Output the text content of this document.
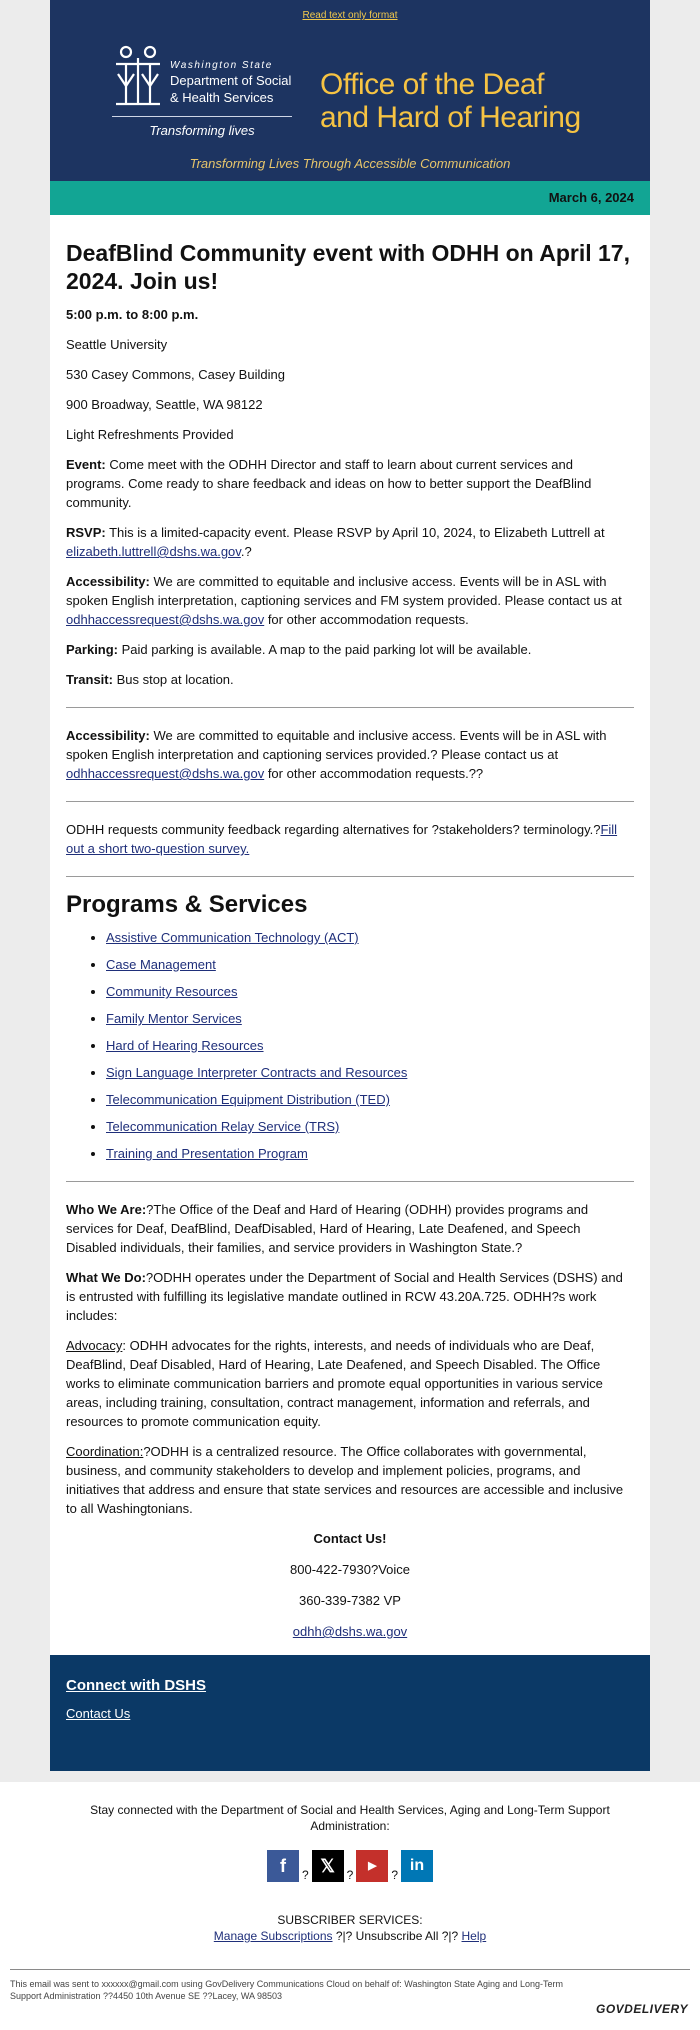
Read text only format
Washington State
Department of Social
& Health Services
Transforming lives
Office of the Deaf
and Hard of Hearing
Transforming Lives Through Accessible Communication
March 6, 2024
DeafBlind Community event with ODHH on April 17, 2024. Join us!

5:00 p.m. to 8:00 p.m.

Seattle University

530 Casey Commons, Casey Building

900 Broadway, Seattle, WA 98122

Light Refreshments Provided

Event: Come meet with the ODHH Director and staff to learn about current services and programs. Come ready to share feedback and ideas on how to better support the DeafBlind community.

RSVP: This is a limited-capacity event. Please RSVP by April 10, 2024, to Elizabeth Luttrell at elizabeth.luttrell@dshs.wa.gov.?

Accessibility: We are committed to equitable and inclusive access. Events will be in ASL with spoken English interpretation, captioning services and FM system provided. Please contact us at odhhaccessrequest@dshs.wa.gov for other accommodation requests.

Parking: Paid parking is available. A map to the paid parking lot will be available.

Transit: Bus stop at location.

Accessibility: We are committed to equitable and inclusive access. Events will be in ASL with spoken English interpretation and captioning services provided.? Please contact us at odhhaccessrequest@dshs.wa.gov for other accommodation requests.??

ODHH requests community feedback regarding alternatives for ?stakeholders? terminology.?Fill out a short two-question survey.

Programs & Services
• Assistive Communication Technology (ACT)
• Case Management
• Community Resources
• Family Mentor Services
• Hard of Hearing Resources
• Sign Language Interpreter Contracts and Resources
• Telecommunication Equipment Distribution (TED)
• Telecommunication Relay Service (TRS)
• Training and Presentation Program

Who We Are:?The Office of the Deaf and Hard of Hearing (ODHH) provides programs and services for Deaf, DeafBlind, DeafDisabled, Hard of Hearing, Late Deafened, and Speech Disabled individuals, their families, and service providers in Washington State.?

What We Do:?ODHH operates under the Department of Social and Health Services (DSHS) and is entrusted with fulfilling its legislative mandate outlined in RCW 43.20A.725. ODHH?s work includes:

Advocacy: ODHH advocates for the rights, interests, and needs of individuals who are Deaf, DeafBlind, Deaf Disabled, Hard of Hearing, Late Deafened, and Speech Disabled. The Office works to eliminate communication barriers and promote equal opportunities in various service areas, including training, consultation, contract management, information and referrals, and resources to promote communication equity.

Coordination:?ODHH is a centralized resource. The Office collaborates with governmental, business, and community stakeholders to develop and implement policies, programs, and initiatives that address and ensure that state services and resources are accessible and inclusive to all Washingtonians.

Contact Us!

800-422-7930?Voice

360-339-7382 VP

odhh@dshs.wa.gov

Connect with DSHS
Contact Us
Stay connected with the Department of Social and Health Services, Aging and Long-Term Support Administration:
f ? 𝕏 ?▶?in
SUBSCRIBER SERVICES:
Manage Subscriptions ?|? Unsubscribe All ?|? Help
This email was sent to xxxxxx@gmail.com using GovDelivery Communications Cloud on behalf of: Washington State Aging and Long-Term Support Administration ??4450 10th Avenue SE ??Lacey, WA 98503
GOVDELIVERY
